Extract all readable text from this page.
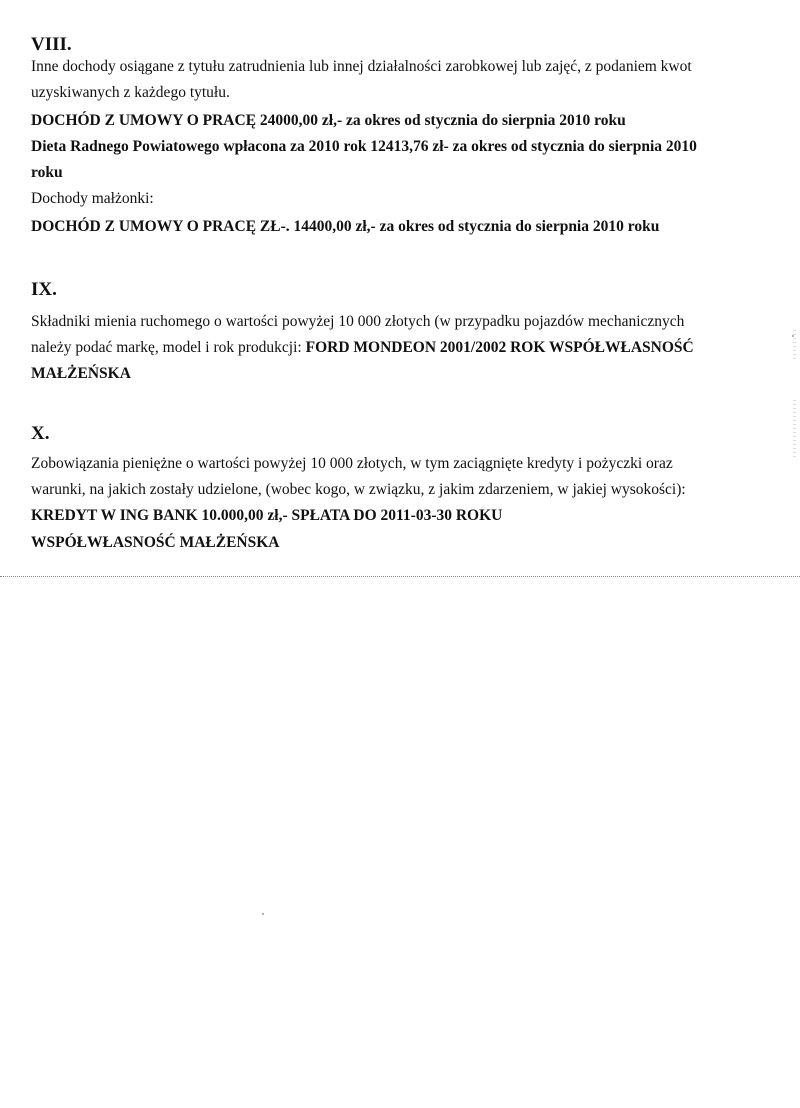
VIII.

Inne dochody osiągane z tytułu zatrudnienia lub innej działalności zarobkowej lub zajęć, z podaniem kwot

uzyskiwanych z każdego tytułu.

DOCHÓD Z UMOWY O PRACĘ 24000,00 zł,- za okres od stycznia do sierpnia 2010 roku

Dieta Radnego Powiatowego wpłacona za 2010 rok 12413,76 zł- za okres od stycznia do sierpnia 2010

roku

Dochody małżonki:

DOCHÓD Z UMOWY O PRACĘ ZŁ-. 14400,00 zł,- za okres od stycznia do sierpnia 2010 roku

IX.

Składniki mienia ruchomego o wartości powyżej 10 000 złotych (w przypadku pojazdów mechanicznych

należy podać markę, model i rok produkcji: FORD MONDEON 2001/2002 ROK WSPÓŁWŁASNOŚĆ

MAŁŻEŃSKA

X.

Zobowiązania pieniężne o wartości powyżej 10 000 złotych, w tym zaciągnięte kredyty i pożyczki oraz

warunki, na jakich zostały udzielone, (wobec kogo, w związku, z jakim zdarzeniem, w jakiej wysokości):

KREDYT W ING BANK 10.000,00 zł,- SPŁATA DO 2011-03-30 ROKU

WSPÓŁWŁASNOŚĆ MAŁŻEŃSKA
